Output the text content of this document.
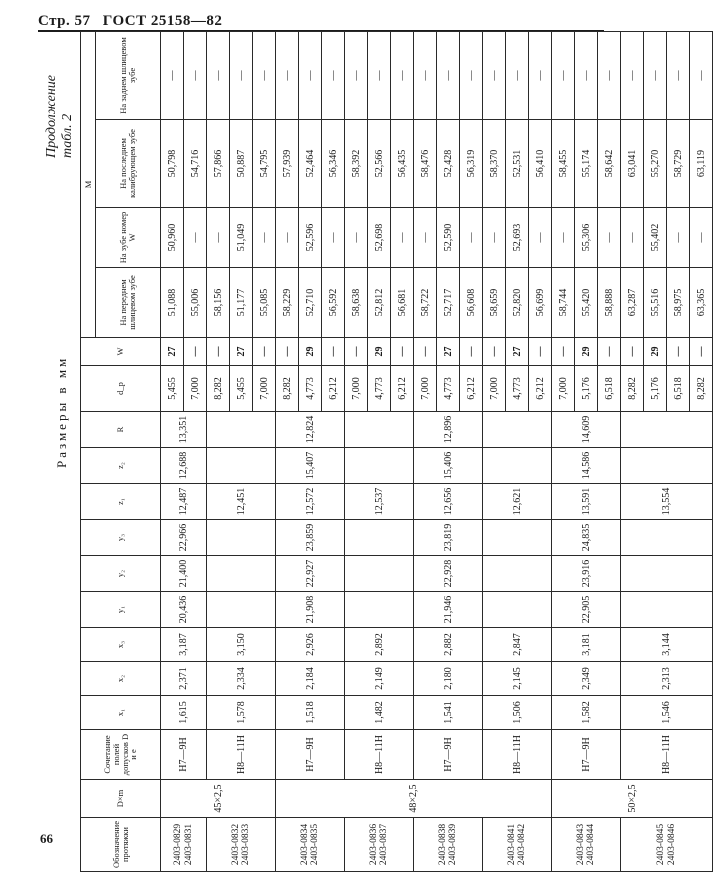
Стр. 57 ГОСТ 25158—82
Продолжение табл. 2
Размеры в мм
Обозначение протяжки	D×m	Сочетание полей допусков D и e	x₁	x₂	x₃	y₁	y₂	y₃	z₁	z₂	R	d_p	W	M			
														На переднем шлицевом зубе	На зубе номер W	На последнем калибрующем зубе	На заднем шлицевом зубе

2403-0829 2403-0831	45×2,5	H7—9H	1,615	2,371	3,187	20,436	21,400	22,966	12,487	12,688	13,351	5,455	27	51,088	50,960	50,798	—
												7,000	—	55,006	—	54,716	—

2403-0832 2403-0833		H8—11H	1,578	2,334	3,150				12,451			8,282	—	58,156	—	57,866	—
												5,455	27	51,177	51,049	50,887	—
												7,000	—	55,085	—	54,795	—

2403-0834 2403-0835	48×2,5	H7—9H	1,518	2,184	2,926	21,908	22,927	23,859	12,572	15,407	12,824	8,282	—	58,229	—	57,939	—
												4,773	29	52,710	52,596	52,464	—
												6,212	—	56,592	—	56,346	—

2403-0836 2403-0837		H8—11H	1,482	2,149	2,892				12,537			7,000	—	58,638	—	58,392	—
												4,773	29	52,812	52,698	52,566	—
												6,212	—	56,681	—	56,435	—

2403-0838 2403-0839		H7—9H	1,541	2,180	2,882	21,946	22,928	23,819	12,656	15,406	12,896	7,000	—	58,722	—	58,476	—
												4,773	27	52,717	52,590	52,428	—
												6,212	—	56,608	—	56,319	—

2403-0841 2403-0842		H8—11H	1,506	2,145	2,847				12,621			7,000	—	58,659	—	58,370	—
												4,773	27	52,820	52,693	52,531	—
												6,212	—	56,699	—	56,410	—

2403-0843 2403-0844	50×2,5	H7—9H	1,582	2,349	3,181	22,905	23,916	24,835	13,591	14,586	14,609	7,000	—	58,744	—	58,455	—
												5,176	29	55,420	55,306	55,174	—
												6,518	—	58,888	—	58,642	—

2403-0845 2403-0846		H8—11H	1,546	2,313	3,144				13,554			8,282	—	63,287	—	63,041	—
												5,176	29	55,516	55,402	55,270	—
												6,518	—	58,975	—	58,729	—
												8,282	—	63,365	—	63,119	—
66
